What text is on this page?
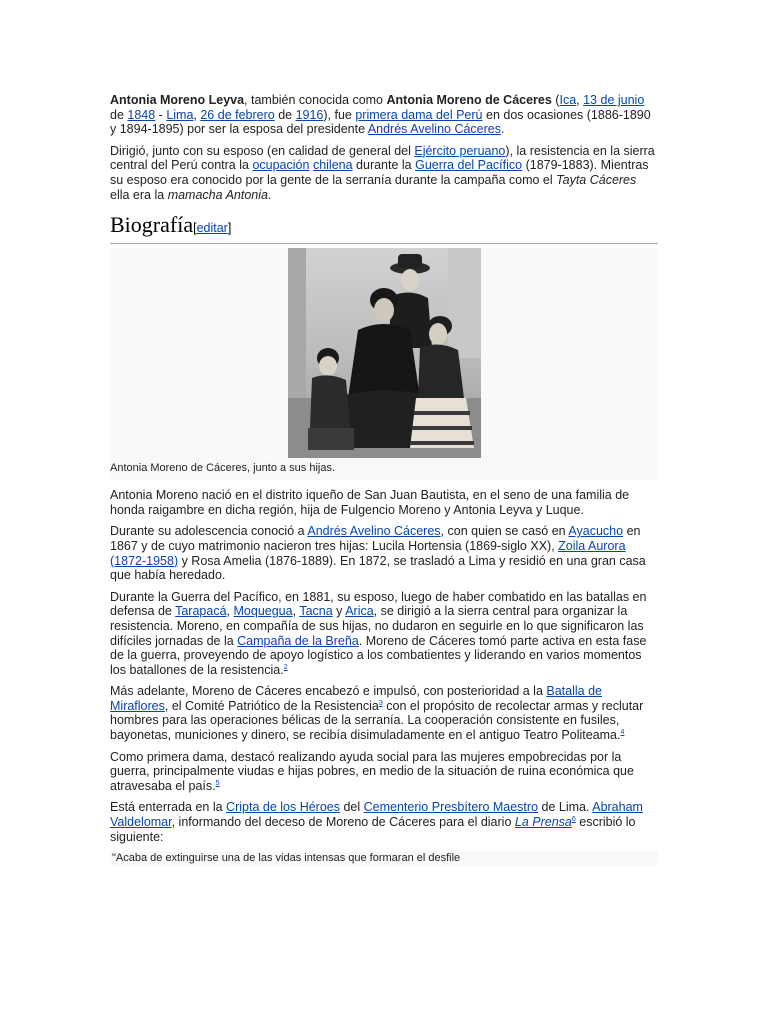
Antonia Moreno Leyva, también conocida como Antonia Moreno de Cáceres (Ica, 13 de junio de 1848 - Lima, 26 de febrero de 1916), fue primera dama del Perú en dos ocasiones (1886-1890 y 1894-1895) por ser la esposa del presidente Andrés Avelino Cáceres.

Dirigió, junto con su esposo (en calidad de general del Ejército peruano), la resistencia en la sierra central del Perú contra la ocupación chilena durante la Guerra del Pacífico (1879-1883). Mientras su esposo era conocido por la gente de la serranía durante la campaña como el Tayta Cáceres ella era la mamacha Antonia.

Biografía[editar]
Antonia Moreno de Cáceres, junto a sus hijas.

Antonia Moreno nació en el distrito iqueño de San Juan Bautista, en el seno de una familia de honda raigambre en dicha región, hija de Fulgencio Moreno y Antonia Leyva y Luque.

Durante su adolescencia conoció a Andrés Avelino Cáceres, con quien se casó en Ayacucho en 1867 y de cuyo matrimonio nacieron tres hijas: Lucila Hortensia (1869-siglo XX), Zoila Aurora (1872-1958) y Rosa Amelia (1876-1889). En 1872, se trasladó a Lima y residió en una gran casa que había heredado.

Durante la Guerra del Pacífico, en 1881, su esposo, luego de haber combatido en las batallas en defensa de Tarapacá, Moquegua, Tacna y Arica, se dirigió a la sierra central para organizar la resistencia. Moreno, en compañía de sus hijas, no dudaron en seguirle en lo que significaron las difíciles jornadas de la Campaña de la Breña. Moreno de Cáceres tomó parte activa en esta fase de la guerra, proveyendo de apoyo logístico a los combatientes y liderando en varios momentos los batallones de la resistencia.$^2$

Más adelante, Moreno de Cáceres encabezó e impulsó, con posterioridad a la Batalla de Miraflores, el Comité Patriótico de la Resistencia$^3$ con el propósito de recolectar armas y reclutar hombres para las operaciones bélicas de la serranía. La cooperación consistente en fusiles, bayonetas, municiones y dinero, se recibía disimuladamente en el antiguo Teatro Politeama.$^4$

Como primera dama, destacó realizando ayuda social para las mujeres empobrecidas por la guerra, principalmente viudas e hijas pobres, en medio de la situación de ruina económica que atravesaba el país.$^5$

Está enterrada en la Cripta de los Héroes del Cementerio Presbítero Maestro de Lima. Abraham Valdelomar, informando del deceso de Moreno de Cáceres para el diario La Prensa$^6$ escribió lo siguiente:

"Acaba de extinguirse una de las vidas intensas que formaran el desfile
